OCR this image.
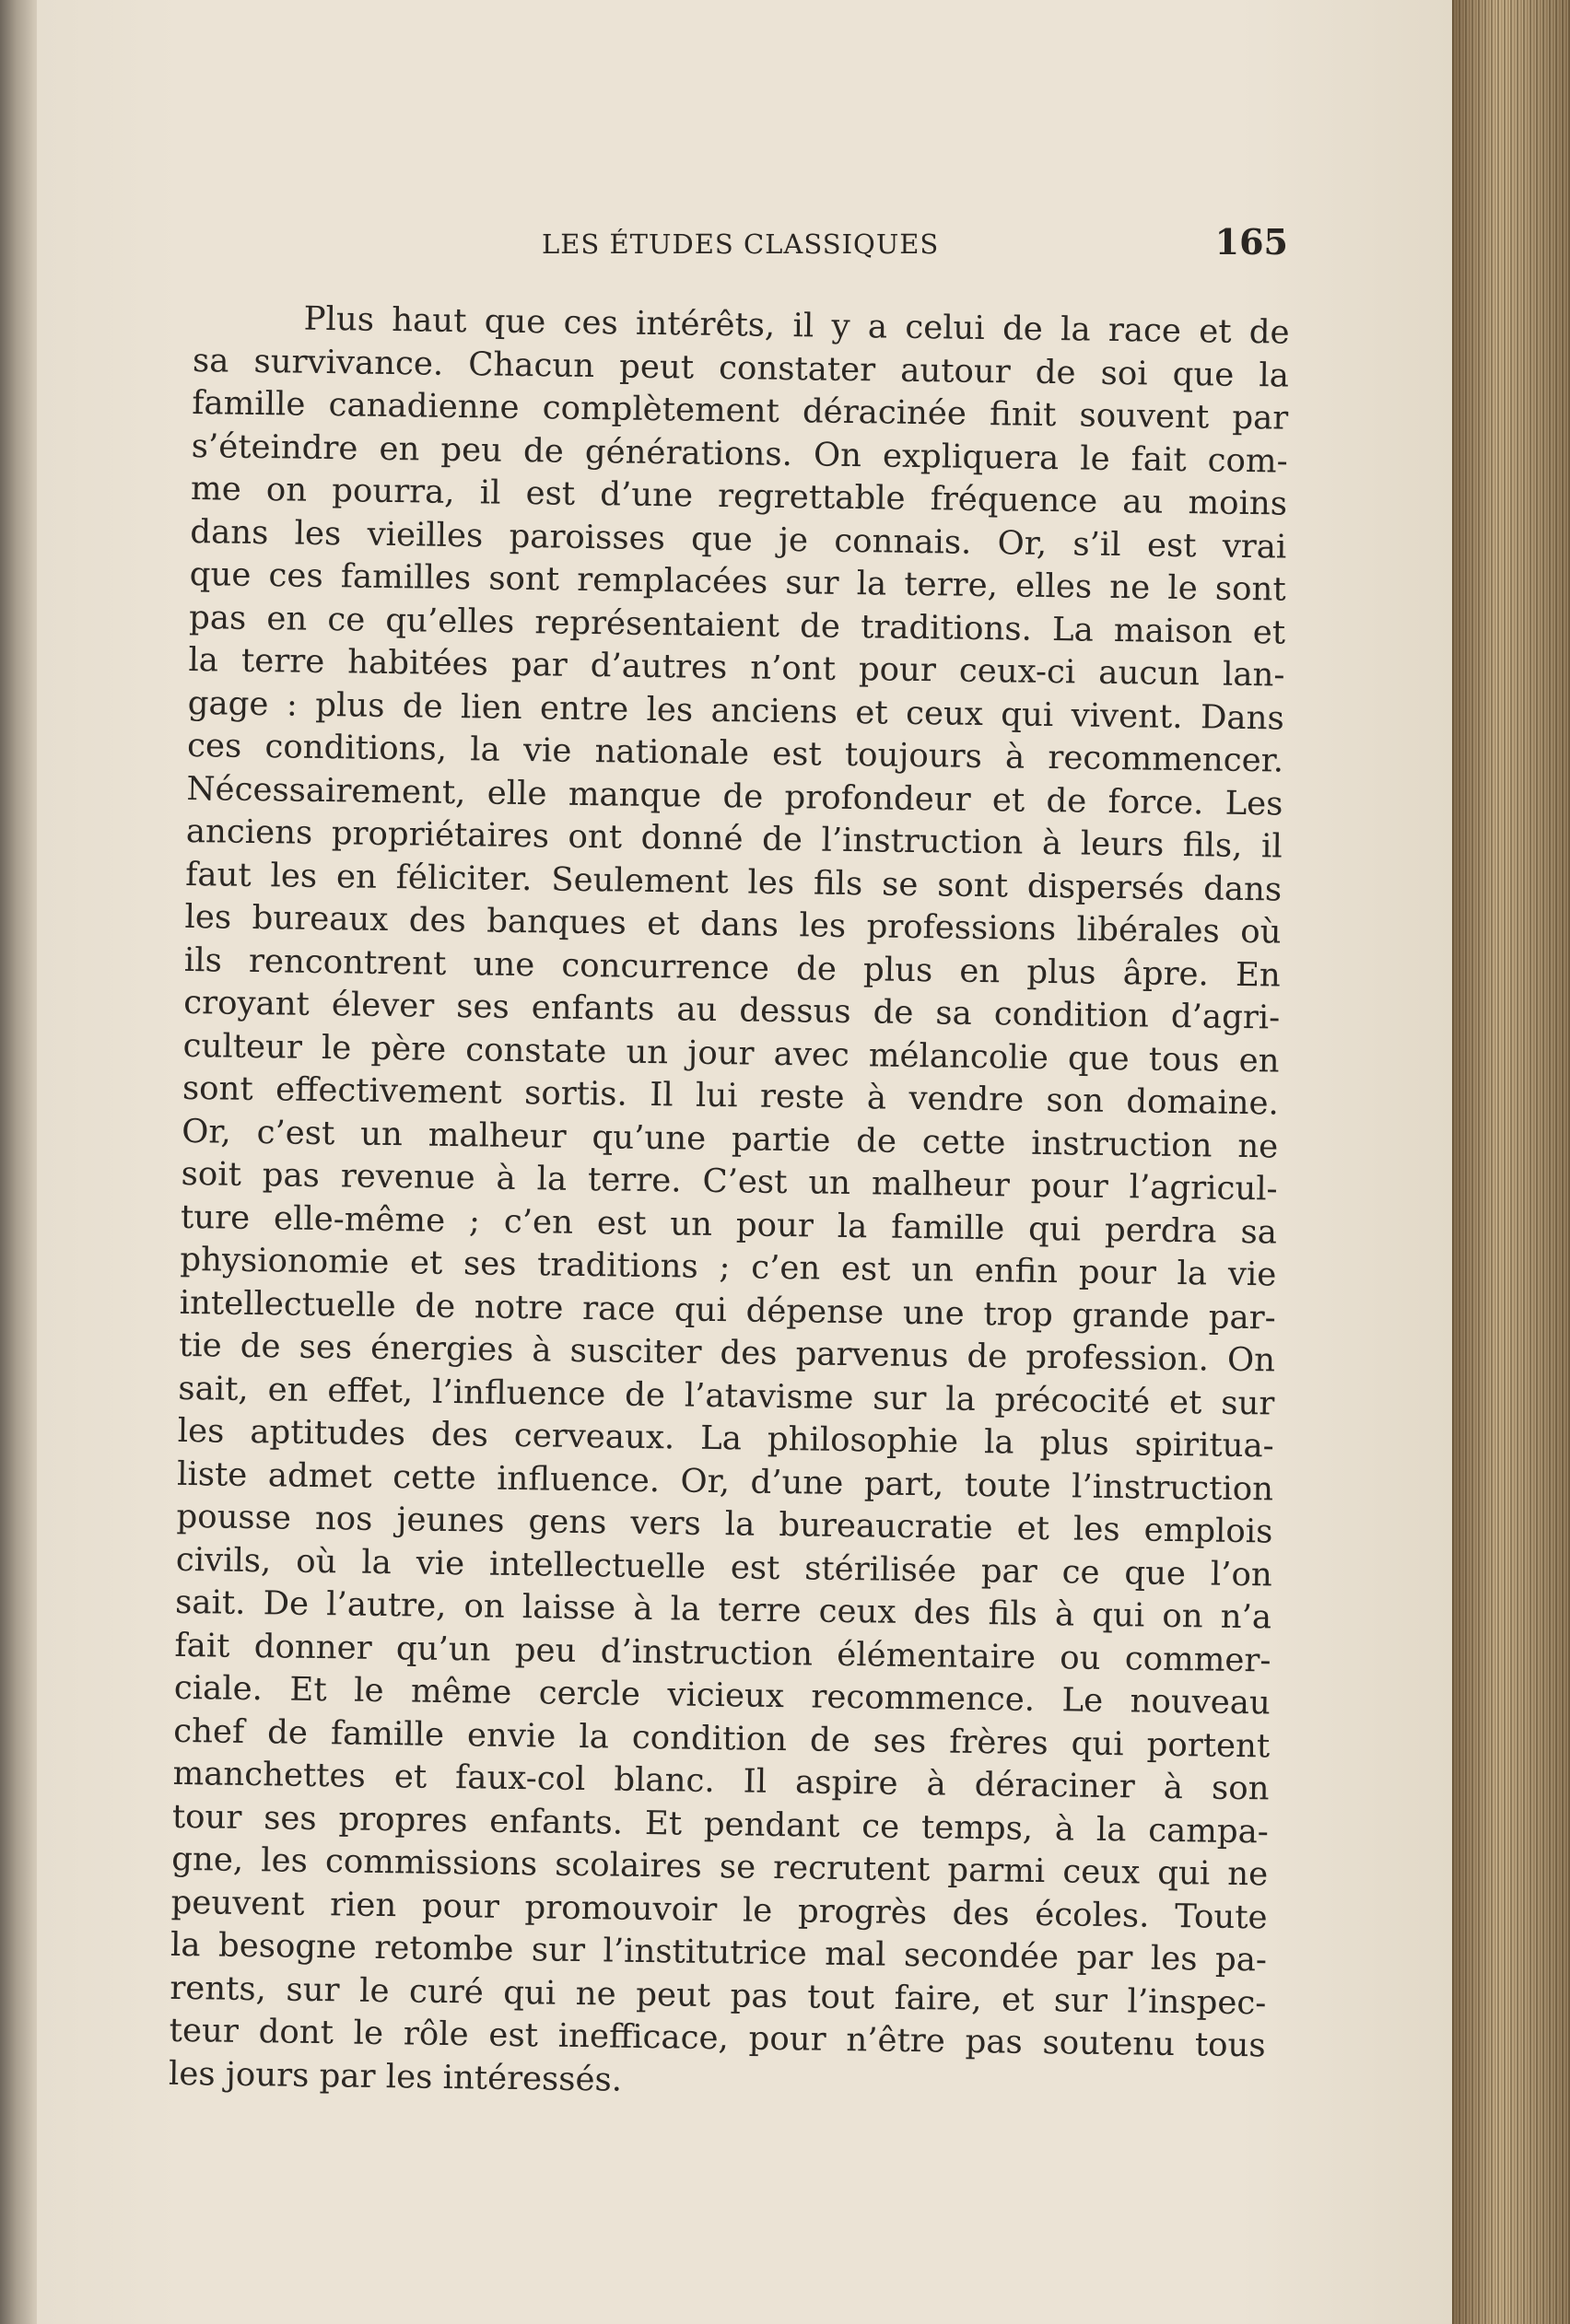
LES ÉTUDES CLASSIQUES	165
Plus haut que ces intérêts, il y a celui de la race et de
sa survivance. Chacun peut constater autour de soi que la
famille canadienne complètement déracinée finit souvent par
s’éteindre en peu de générations. On expliquera le fait com-
me on pourra, il est d’une regrettable fréquence au moins
dans les vieilles paroisses que je connais. Or, s’il est vrai
que ces familles sont remplacées sur la terre, elles ne le sont
pas en ce qu’elles représentaient de traditions. La maison et
la terre habitées par d’autres n’ont pour ceux-ci aucun lan-
gage : plus de lien entre les anciens et ceux qui vivent. Dans
ces conditions, la vie nationale est toujours à recommencer.
Nécessairement, elle manque de profondeur et de force. Les
anciens propriétaires ont donné de l’instruction à leurs fils, il
faut les en féliciter. Seulement les fils se sont dispersés dans
les bureaux des banques et dans les professions libérales où
ils rencontrent une concurrence de plus en plus âpre. En
croyant élever ses enfants au dessus de sa condition d’agri-
culteur le père constate un jour avec mélancolie que tous en
sont effectivement sortis. Il lui reste à vendre son domaine.
Or, c’est un malheur qu’une partie de cette instruction ne
soit pas revenue à la terre. C’est un malheur pour l’agricul-
ture elle-même ; c’en est un pour la famille qui perdra sa
physionomie et ses traditions ; c’en est un enfin pour la vie
intellectuelle de notre race qui dépense une trop grande par-
tie de ses énergies à susciter des parvenus de profession. On
sait, en effet, l’influence de l’atavisme sur la précocité et sur
les aptitudes des cerveaux. La philosophie la plus spiritua-
liste admet cette influence. Or, d’une part, toute l’instruction
pousse nos jeunes gens vers la bureaucratie et les emplois
civils, où la vie intellectuelle est stérilisée par ce que l’on
sait. De l’autre, on laisse à la terre ceux des fils à qui on n’a
fait donner qu’un peu d’instruction élémentaire ou commer-
ciale. Et le même cercle vicieux recommence. Le nouveau
chef de famille envie la condition de ses frères qui portent
manchettes et faux-col blanc. Il aspire à déraciner à son
tour ses propres enfants. Et pendant ce temps, à la campa-
gne, les commissions scolaires se recrutent parmi ceux qui ne
peuvent rien pour promouvoir le progrès des écoles. Toute
la besogne retombe sur l’institutrice mal secondée par les pa-
rents, sur le curé qui ne peut pas tout faire, et sur l’inspec-
teur dont le rôle est inefficace, pour n’être pas soutenu tous
les jours par les intéressés.
